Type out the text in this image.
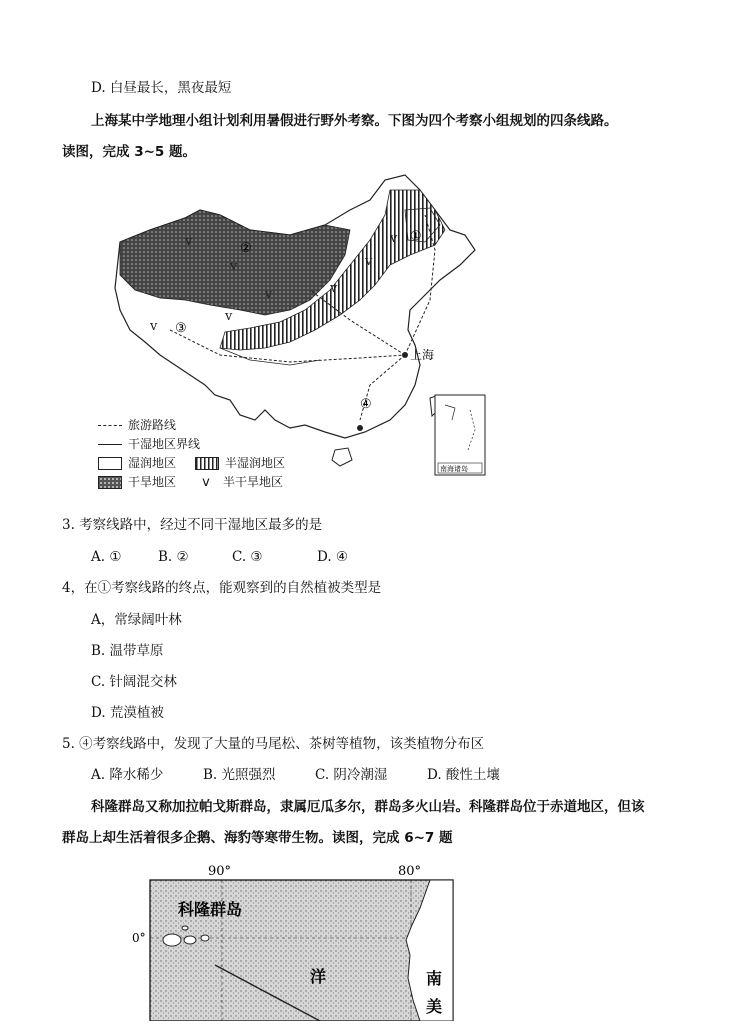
D. 白昼最长，黑夜最短
上海某中学地理小组计划利用暑假进行野外考察。下图为四个考察小组规划的四条线路。
读图，完成 3~5 题。
ⅴ
ⅴ	ⅴ
ⅴ
ⅴ
ⅴ
ⅴ
ⅴ
①
②
③
④
上海
南海诸岛
旅游路线
干湿地区界线
湿润地区	半湿润地区
干旱地区	ⅴ 半干旱地区
3. 考察线路中，经过不同干湿地区最多的是
A. ①	B. ②	C. ③	D. ④
4，在①考察线路的终点，能观察到的自然植被类型是
A，常绿阔叶林
B. 温带草原
C. 针阔混交林
D. 荒漠植被
5. ④考察线路中，发现了大量的马尾松、茶树等植物，该类植物分布区
A. 降水稀少	B. 光照强烈	C. 阴冷潮湿	D. 酸性土壤
科隆群岛又称加拉帕戈斯群岛，隶属厄瓜多尔，群岛多火山岩。科隆群岛位于赤道地区，但该
群岛上却生活着很多企鹅、海豹等寒带生物。读图，完成 6~7 题
90°	80°
0°
科隆群岛
洋	南
美
